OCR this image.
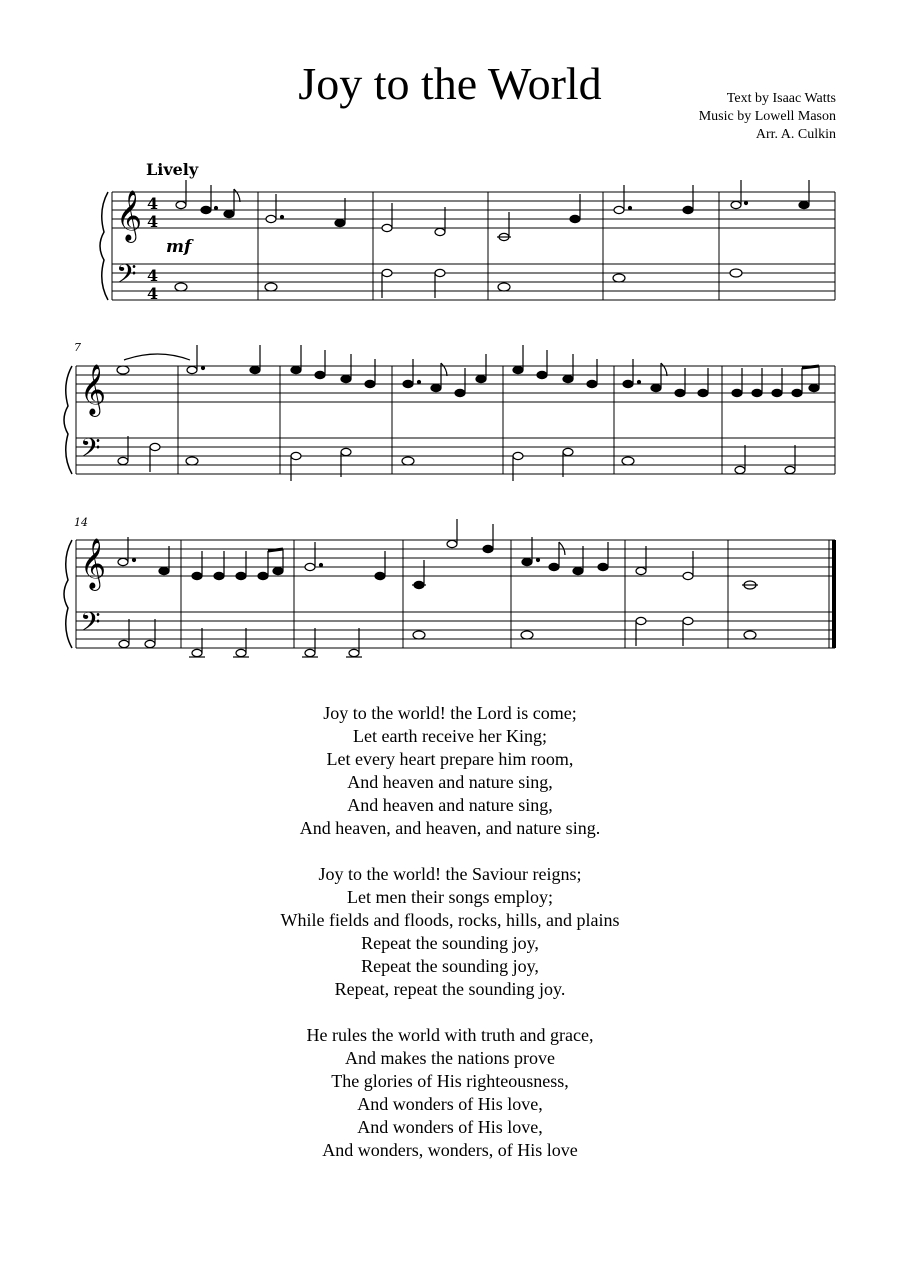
Joy to the World	Text by Isaac Watts
Music by Lowell Mason
Arr. A. Culkin
Lively
𝄞
𝄢
4
4
4
4
mf
7
𝄞
𝄢
14
𝄞
𝄢
Joy to the world! the Lord is come;
Let earth receive her King;
Let every heart prepare him room,
And heaven and nature sing,
And heaven and nature sing,
And heaven, and heaven, and nature sing.
Joy to the world! the Saviour reigns;
Let men their songs employ;
While fields and floods, rocks, hills, and plains
Repeat the sounding joy,
Repeat the sounding joy,
Repeat, repeat the sounding joy.
He rules the world with truth and grace,
And makes the nations prove
The glories of His righteousness,
And wonders of His love,
And wonders of His love,
And wonders, wonders, of His love
